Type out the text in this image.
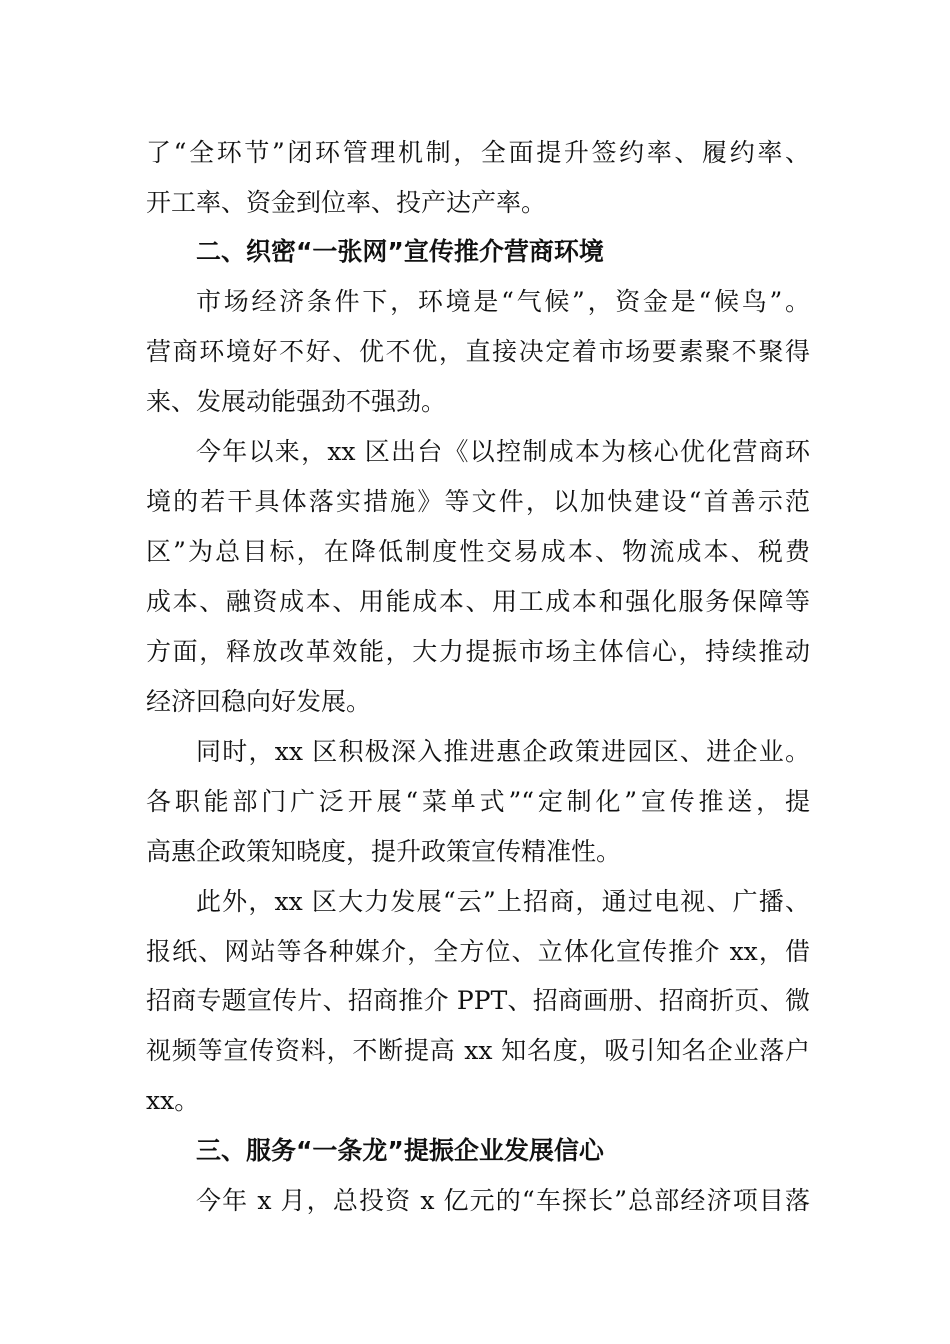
了“全环节”闭环管理机制，全面提升签约率、履约率、
开工率、资金到位率、投产达产率。
二、织密“一张网”宣传推介营商环境
市场经济条件下，环境是“气候”，资金是“候鸟”。
营商环境好不好、优不优，直接决定着市场要素聚不聚得
来、发展动能强劲不强劲。
今年以来，xx 区出台《以控制成本为核心优化营商环
境的若干具体落实措施》等文件，以加快建设“首善示范
区”为总目标，在降低制度性交易成本、物流成本、税费
成本、融资成本、用能成本、用工成本和强化服务保障等
方面，释放改革效能，大力提振市场主体信心，持续推动
经济回稳向好发展。
同时，xx 区积极深入推进惠企政策进园区、进企业。
各职能部门广泛开展“菜单式”“定制化”宣传推送，提
高惠企政策知晓度，提升政策宣传精准性。
此外，xx 区大力发展“云”上招商，通过电视、广播、
报纸、网站等各种媒介，全方位、立体化宣传推介 xx，借
招商专题宣传片、招商推介 PPT、招商画册、招商折页、微
视频等宣传资料，不断提高 xx 知名度，吸引知名企业落户
xx。
三、服务“一条龙”提振企业发展信心
今年 x 月，总投资 x 亿元的“车探长”总部经济项目落
